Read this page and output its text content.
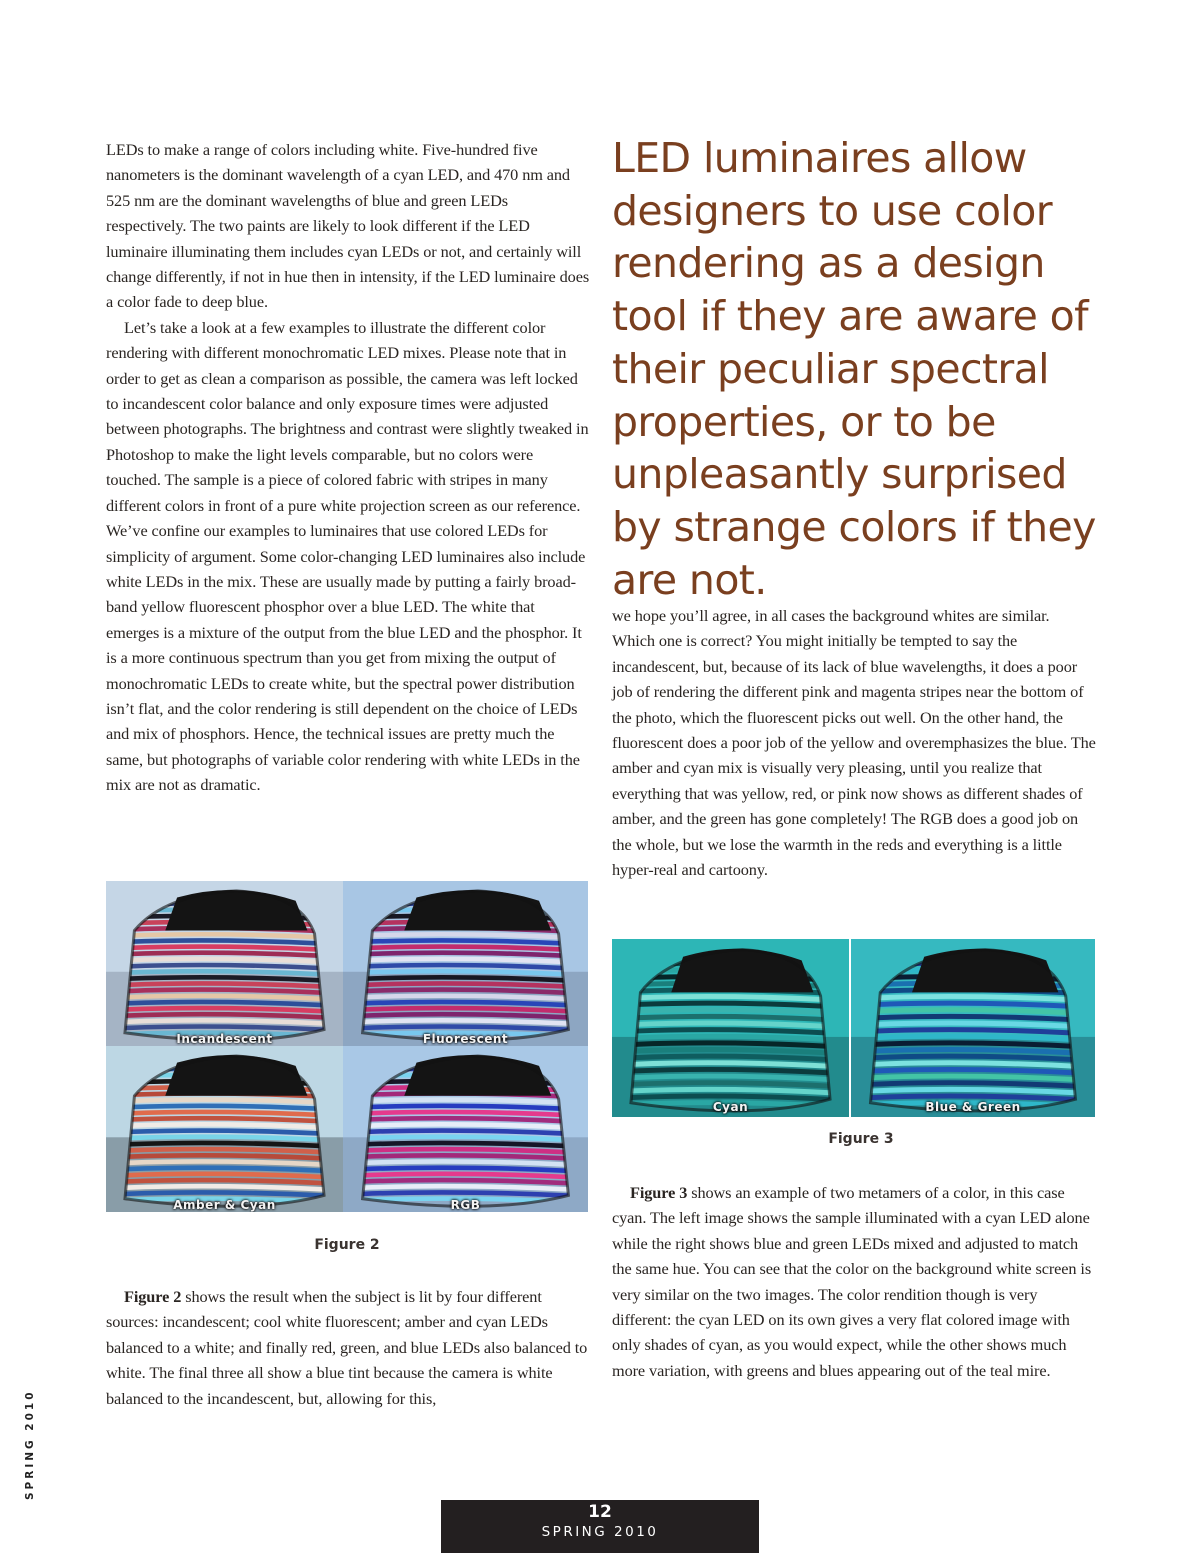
LEDs to make a range of colors including white. Five-hundred five nanometers is the dominant wavelength of a cyan LED, and 470 nm and 525 nm are the dominant wavelengths of blue and green LEDs respectively. The two paints are likely to look different if the LED luminaire illuminating them includes cyan LEDs or not, and certainly will change differently, if not in hue then in intensity, if the LED luminaire does a color fade to deep blue.

Let’s take a look at a few examples to illustrate the different color rendering with different monochromatic LED mixes. Please note that in order to get as clean a comparison as possible, the camera was left locked to incandescent color balance and only exposure times were adjusted between photographs. The brightness and contrast were slightly tweaked in Photoshop to make the light levels comparable, but no colors were touched. The sample is a piece of colored fabric with stripes in many different colors in front of a pure white projection screen as our reference. We’ve confine our examples to luminaires that use colored LEDs for simplicity of argument. Some color-changing LED luminaires also include white LEDs in the mix. These are usually made by putting a fairly broad-band yellow fluorescent phosphor over a blue LED. The white that emerges is a mixture of the output from the blue LED and the phosphor. It is a more continuous spectrum than you get from mixing the output of monochromatic LEDs to create white, but the spectral power distribution isn’t flat, and the color rendering is still dependent on the choice of LEDs and mix of phosphors. Hence, the technical issues are pretty much the same, but photographs of variable color rendering with white LEDs in the mix are not as dramatic.

LED luminaires allow designers to use color rendering as a design tool if they are aware of their peculiar spectral properties, or to be unpleasantly surprised by strange colors if they are not.

we hope you’ll agree, in all cases the background whites are similar. Which one is correct? You might initially be tempted to say the incandescent, but, because of its lack of blue wavelengths, it does a poor job of rendering the different pink and magenta stripes near the bottom of the photo, which the fluorescent picks out well. On the other hand, the fluorescent does a poor job of the yellow and overemphasizes the blue. The amber and cyan mix is visually very pleasing, until you realize that everything that was yellow, red, or pink now shows as different shades of amber, and the green has gone completely! The RGB does a good job on the whole, but we lose the warmth in the reds and everything is a little hyper-real and cartoony.

Incandescent	Fluorescent
Amber & Cyan	RGB
Figure 2

Figure 2 shows the result when the subject is lit by four different sources: incandescent; cool white fluorescent; amber and cyan LEDs balanced to a white; and finally red, green, and blue LEDs also balanced to white. The final three all show a blue tint because the camera is white balanced to the incandescent, but, allowing for this,

Cyan	Blue & Green
Figure 3

Figure 3 shows an example of two metamers of a color, in this case cyan. The left image shows the sample illuminated with a cyan LED alone while the right shows blue and green LEDs mixed and adjusted to match the same hue. You can see that the color on the background white screen is very similar on the two images. The color rendition though is very different: the cyan LED on its own gives a very flat colored image with only shades of cyan, as you would expect, while the other shows much more variation, with greens and blues appearing out of the teal mire.

SPRING 2010
12
SPRING 2010
